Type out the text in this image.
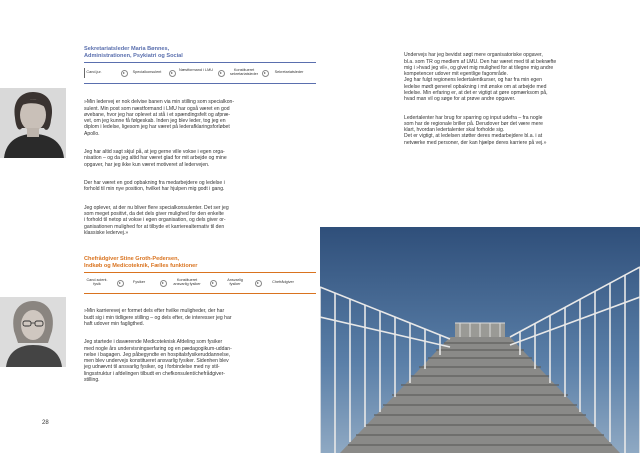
Sekretariatsleder Maria Bønnes,
Administrationen, Psykiatri og Social
Cand.jur.	Specialkonsulent	Næstformand i LMU	Konstitueret sekretariatsleder
Sekretariatsleder

»Min ledervej er nok delvise banen via min stilling som specialkon-
sulent. Min post som næstformand i LMU har også været en god
øvebane, hvor jeg har oplevet at stå i et spændingsfelt og afpræ-
vet, om jeg kunne få følgeskab. Inden jeg blev leder, tog jeg en
diplom i ledelse, ligesom jeg har været på lederafklaringsforløbet
Apollo.

Jeg har altid sagt skjul på, at jeg gerne ville vokse i egen orga-
nisation – og da jeg altid har været glad for mit arbejde og mine
opgaver, har jeg ikke kun været motiveret af ledervejen.

Der har været en god opbakning fra medarbejdere og ledelse i
forhold til min nye position, hvilket har hjulpen mig godt i gang.

Jeg oplever, at der nu bliver flere specialkonsulenter. Det ser jeg
som meget positivt, da det dels giver mulighed for den enkelte
i forhold til netop at vokse i egen organisation, og dels giver or-
ganisationen mulighed for at tilbyde et karrierealternativ til den
klassiske ledervej.»

Chefrådgiver Stine Groth-Pedersen,
Indkøb og Medicoteknik, Fælles funktioner
Cand.scient.
fysik
Fysiker	Konstitueret
ansvarlig fysiker
Ansvarlig
fysiker
Chefrådgiver

»Min karrierevej er formet dels efter hvilke muligheder, der har
budt sig i min tidligere stilling – og dels efter, de interesser jeg har
haft udover min fagligthed.

Jeg startede i daværende Medicoteknisk Afdeling som fysiker
med nogle års undervisningserfaring og en pædagogikum-uddan-
nelse i bagagen. Jeg påbegyndte en hospitalsfysikeruddannelse,
men blev undervejs konstitueret ansvarlig fysiker. Sidenhen blev
jeg udnævnt til ansvarlig fysiker, og i forbindelse med ny stil-
lingsstruktur i afdelingen tilbudt en chefkonsulent/chefrådgiver-
stilling.

28

Undervejs har jeg bevidst søgt mere organisatoriske opgaver,
bl.a. som TR og medlem af LMU. Den har været med til at bekræfte
mig i »hvad jeg vil«, og givet mig mulighed for at tilegne mig andre
kompetencer udover mit egentlige fagområde.
Jeg har fulgt regionens ledertalentkurser, og har fra min egen
ledelse mødt generel opbakning i mit ønske om at arbejde med
ledelse. Min erfaring er, at det er vigtigt at gøre opmærksom på,
hvad man vil og søge for at prøve andre opgaver.

Ledertalenter har brug for sparring og input udefra – fra nogle
som har de regionale briller på. Derudover bør det være mere
klart, hvordan ledertalenter skal forholde sig.
Det er vigtigt, at ledelsen støtter deres medarbejdere bl.a. i at
netværke med personer, der kan hjælpe deres karriere på vej.»
